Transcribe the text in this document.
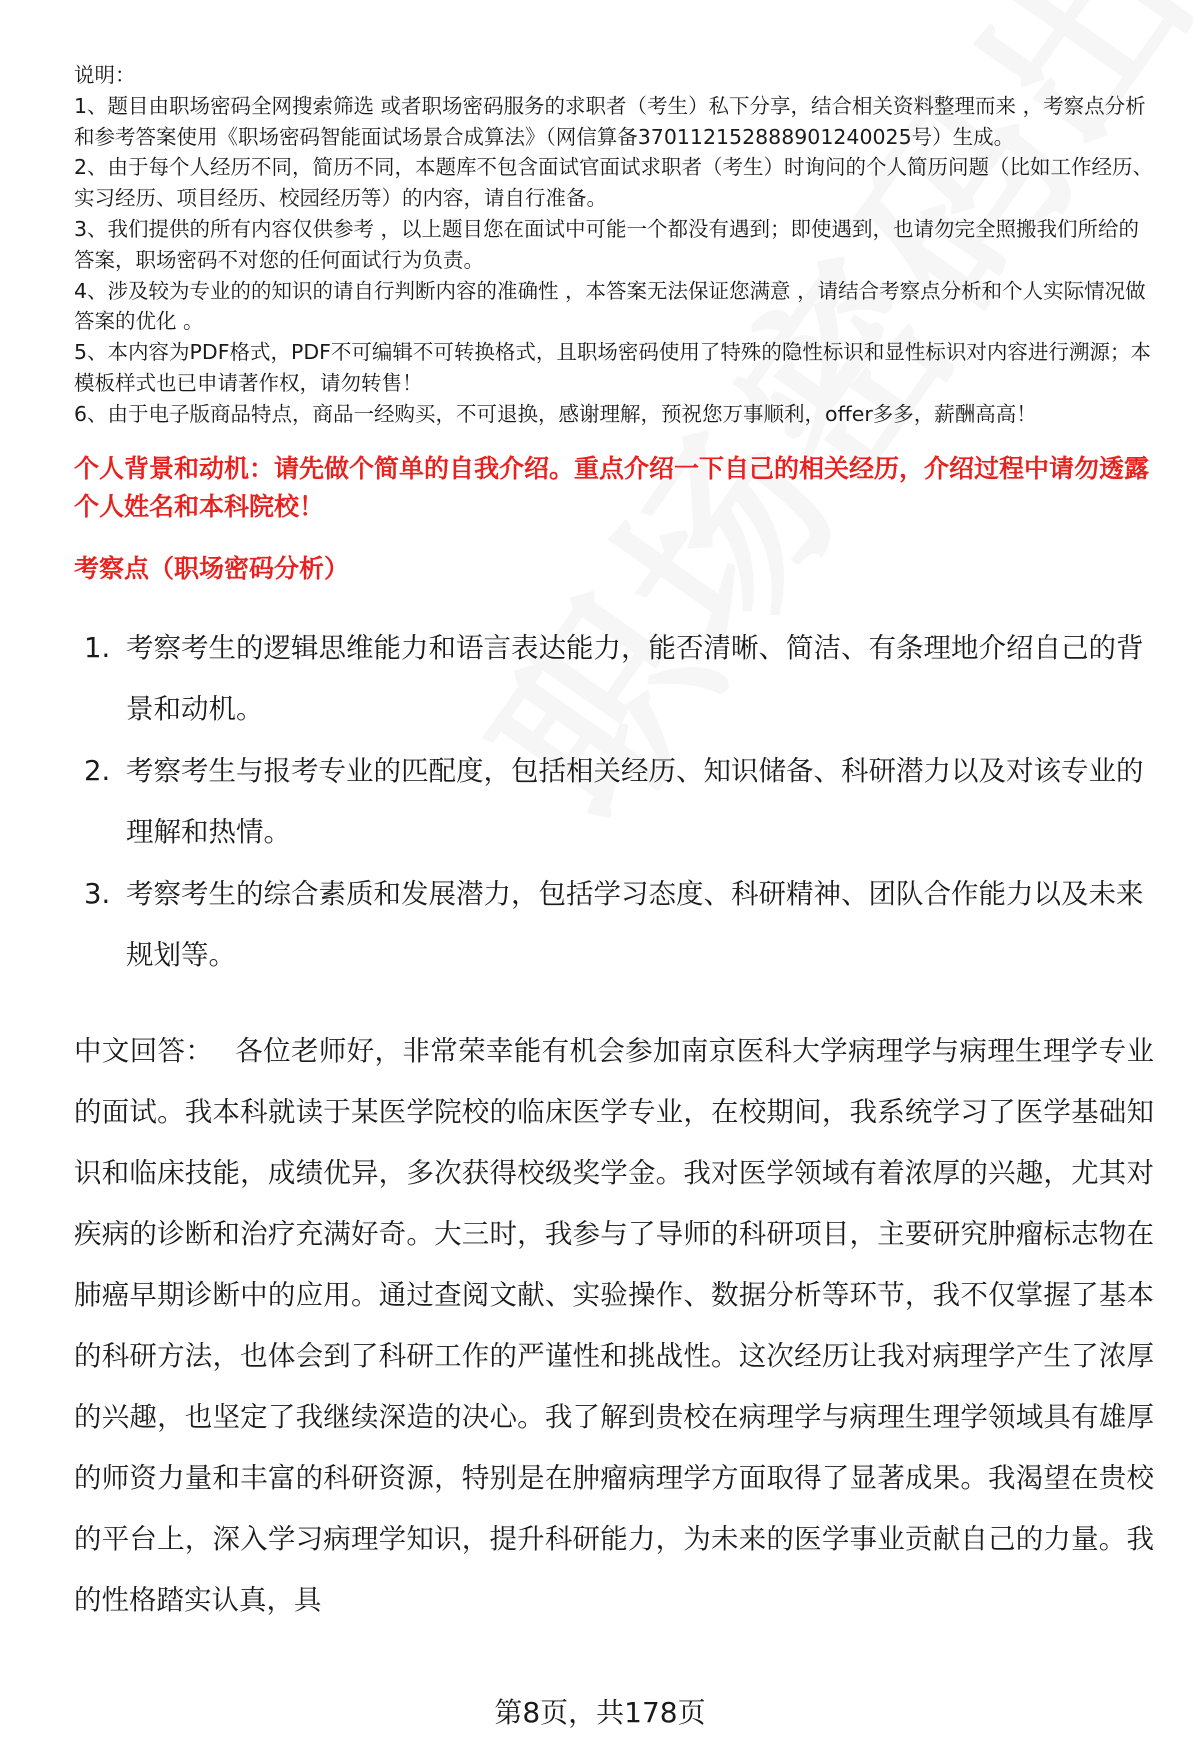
说明：

1、题目由职场密码全网搜索筛选 或者职场密码服务的求职者（考生）私下分享，结合相关资料整理而来 ，考察点分析和参考答案使用《职场密码智能面试场景合成算法》（网信算备370112152888901240025号）生成。

2、由于每个人经历不同，简历不同，本题库不包含面试官面试求职者（考生）时询问的个人简历问题（比如工作经历、实习经历、项目经历、校园经历等）的内容，请自行准备。

3、我们提供的所有内容仅供参考 ，以上题目您在面试中可能一个都没有遇到；即使遇到，也请勿完全照搬我们所给的答案，职场密码不对您的任何面试行为负责。

4、涉及较为专业的的知识的请自行判断内容的准确性 ，本答案无法保证您满意 ，请结合考察点分析和个人实际情况做答案的优化 。

5、本内容为PDF格式，PDF不可编辑不可转换格式，且职场密码使用了特殊的隐性标识和显性标识对内容进行溯源；本模板样式也已申请著作权，请勿转售！

6、由于电子版商品特点，商品一经购买，不可退换，感谢理解，预祝您万事顺利，offer多多，薪酬高高！

个人背景和动机：请先做个简单的自我介绍。重点介绍一下自己的相关经历，介绍过程中请勿透露个人姓名和本科院校！
考察点（职场密码分析）
1. 考察考生的逻辑思维能力和语言表达能力，能否清晰、简洁、有条理地介绍自己的背景和动机。
2. 考察考生与报考专业的匹配度，包括相关经历、知识储备、科研潜力以及对该专业的理解和热情。
3. 考察考生的综合素质和发展潜力，包括学习态度、科研精神、团队合作能力以及未来规划等。
中文回答： 各位老师好，非常荣幸能有机会参加南京医科大学病理学与病理生理学专业的面试。我本科就读于某医学院校的临床医学专业，在校期间，我系统学习了医学基础知识和临床技能，成绩优异，多次获得校级奖学金。我对医学领域有着浓厚的兴趣，尤其对疾病的诊断和治疗充满好奇。大三时，我参与了导师的科研项目，主要研究肿瘤标志物在肺癌早期诊断中的应用。通过查阅文献、实验操作、数据分析等环节，我不仅掌握了基本的科研方法，也体会到了科研工作的严谨性和挑战性。这次经历让我对病理学产生了浓厚的兴趣，也坚定了我继续深造的决心。我了解到贵校在病理学与病理生理学领域具有雄厚的师资力量和丰富的科研资源，特别是在肿瘤病理学方面取得了显著成果。我渴望在贵校的平台上，深入学习病理学知识，提升科研能力，为未来的医学事业贡献自己的力量。我的性格踏实认真，具
第8页，共178页
